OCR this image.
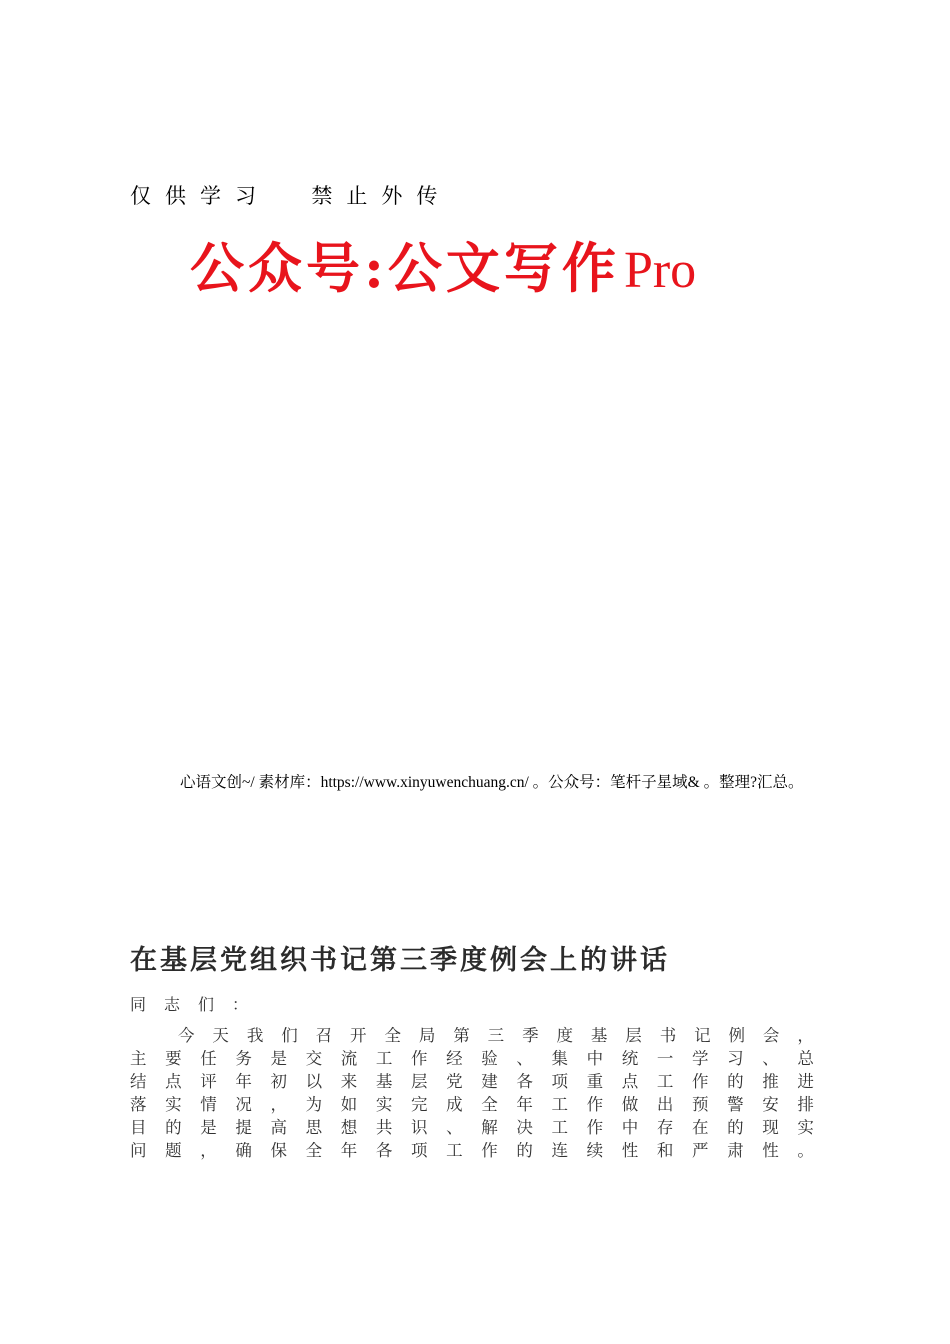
仅供学习  禁止外传
公众号:公文写作Pro
心语文创~/ 素材库：https://www.xinyuwenchuang.cn/ 。公众号：笔杆子星域& 。整理?汇总。
在基层党组织书记第三季度例会上的讲话
同志们：
今 天 我 们 召 开 全 局 第 三 季 度 基 层 书 记 例 会 ，
主 要 任 务 是 交 流 工 作 经 验 、 集 中 统 一 学 习 、 总
结 点 评 年 初 以 来 基 层 党 建 各 项 重 点 工 作 的 推 进
落 实 情 况 ， 为 如 实 完 成 全 年 工 作 做 出 预 警 安 排
目 的 是 提 高 思 想 共 识 、 解 决 工 作 中 存 在 的 现 实
问 题 ， 确 保 全 年 各 项 工 作 的 连 续 性 和 严 肃 性 。
